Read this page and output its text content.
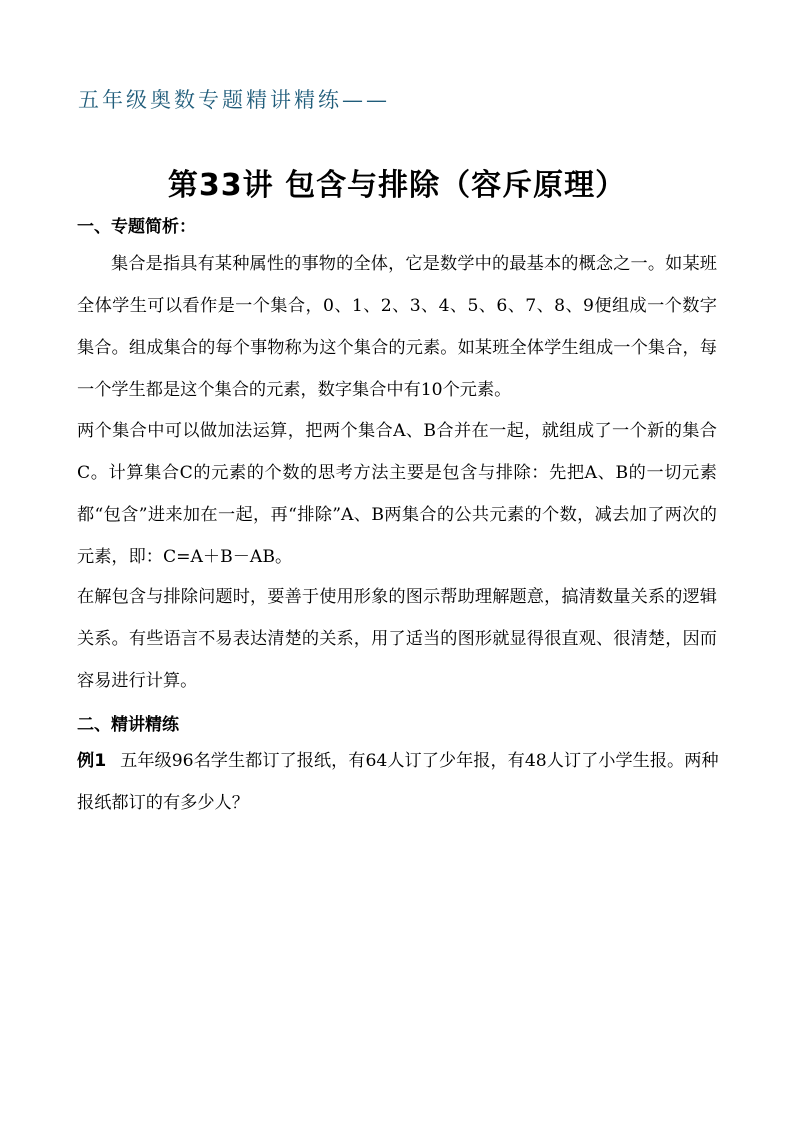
五年级奥数专题精讲精练——
第33讲 包含与排除（容斥原理）
一、专题简析：

集合是指具有某种属性的事物的全体，它是数学中的最基本的概念之一。如某班全体学生可以看作是一个集合，0、1、2、3、4、5、6、7、8、9便组成一个数字集合。组成集合的每个事物称为这个集合的元素。如某班全体学生组成一个集合，每一个学生都是这个集合的元素，数字集合中有10个元素。

两个集合中可以做加法运算，把两个集合A、B合并在一起，就组成了一个新的集合C。计算集合C的元素的个数的思考方法主要是包含与排除：先把A、B的一切元素都“包含”进来加在一起，再“排除”A、B两集合的公共元素的个数，减去加了两次的元素，即：C=A＋B－AB。

在解包含与排除问题时，要善于使用形象的图示帮助理解题意，搞清数量关系的逻辑关系。有些语言不易表达清楚的关系，用了适当的图形就显得很直观、很清楚，因而容易进行计算。

二、精讲精练

例1 五年级96名学生都订了报纸，有64人订了少年报，有48人订了小学生报。两种报纸都订的有多少人？
